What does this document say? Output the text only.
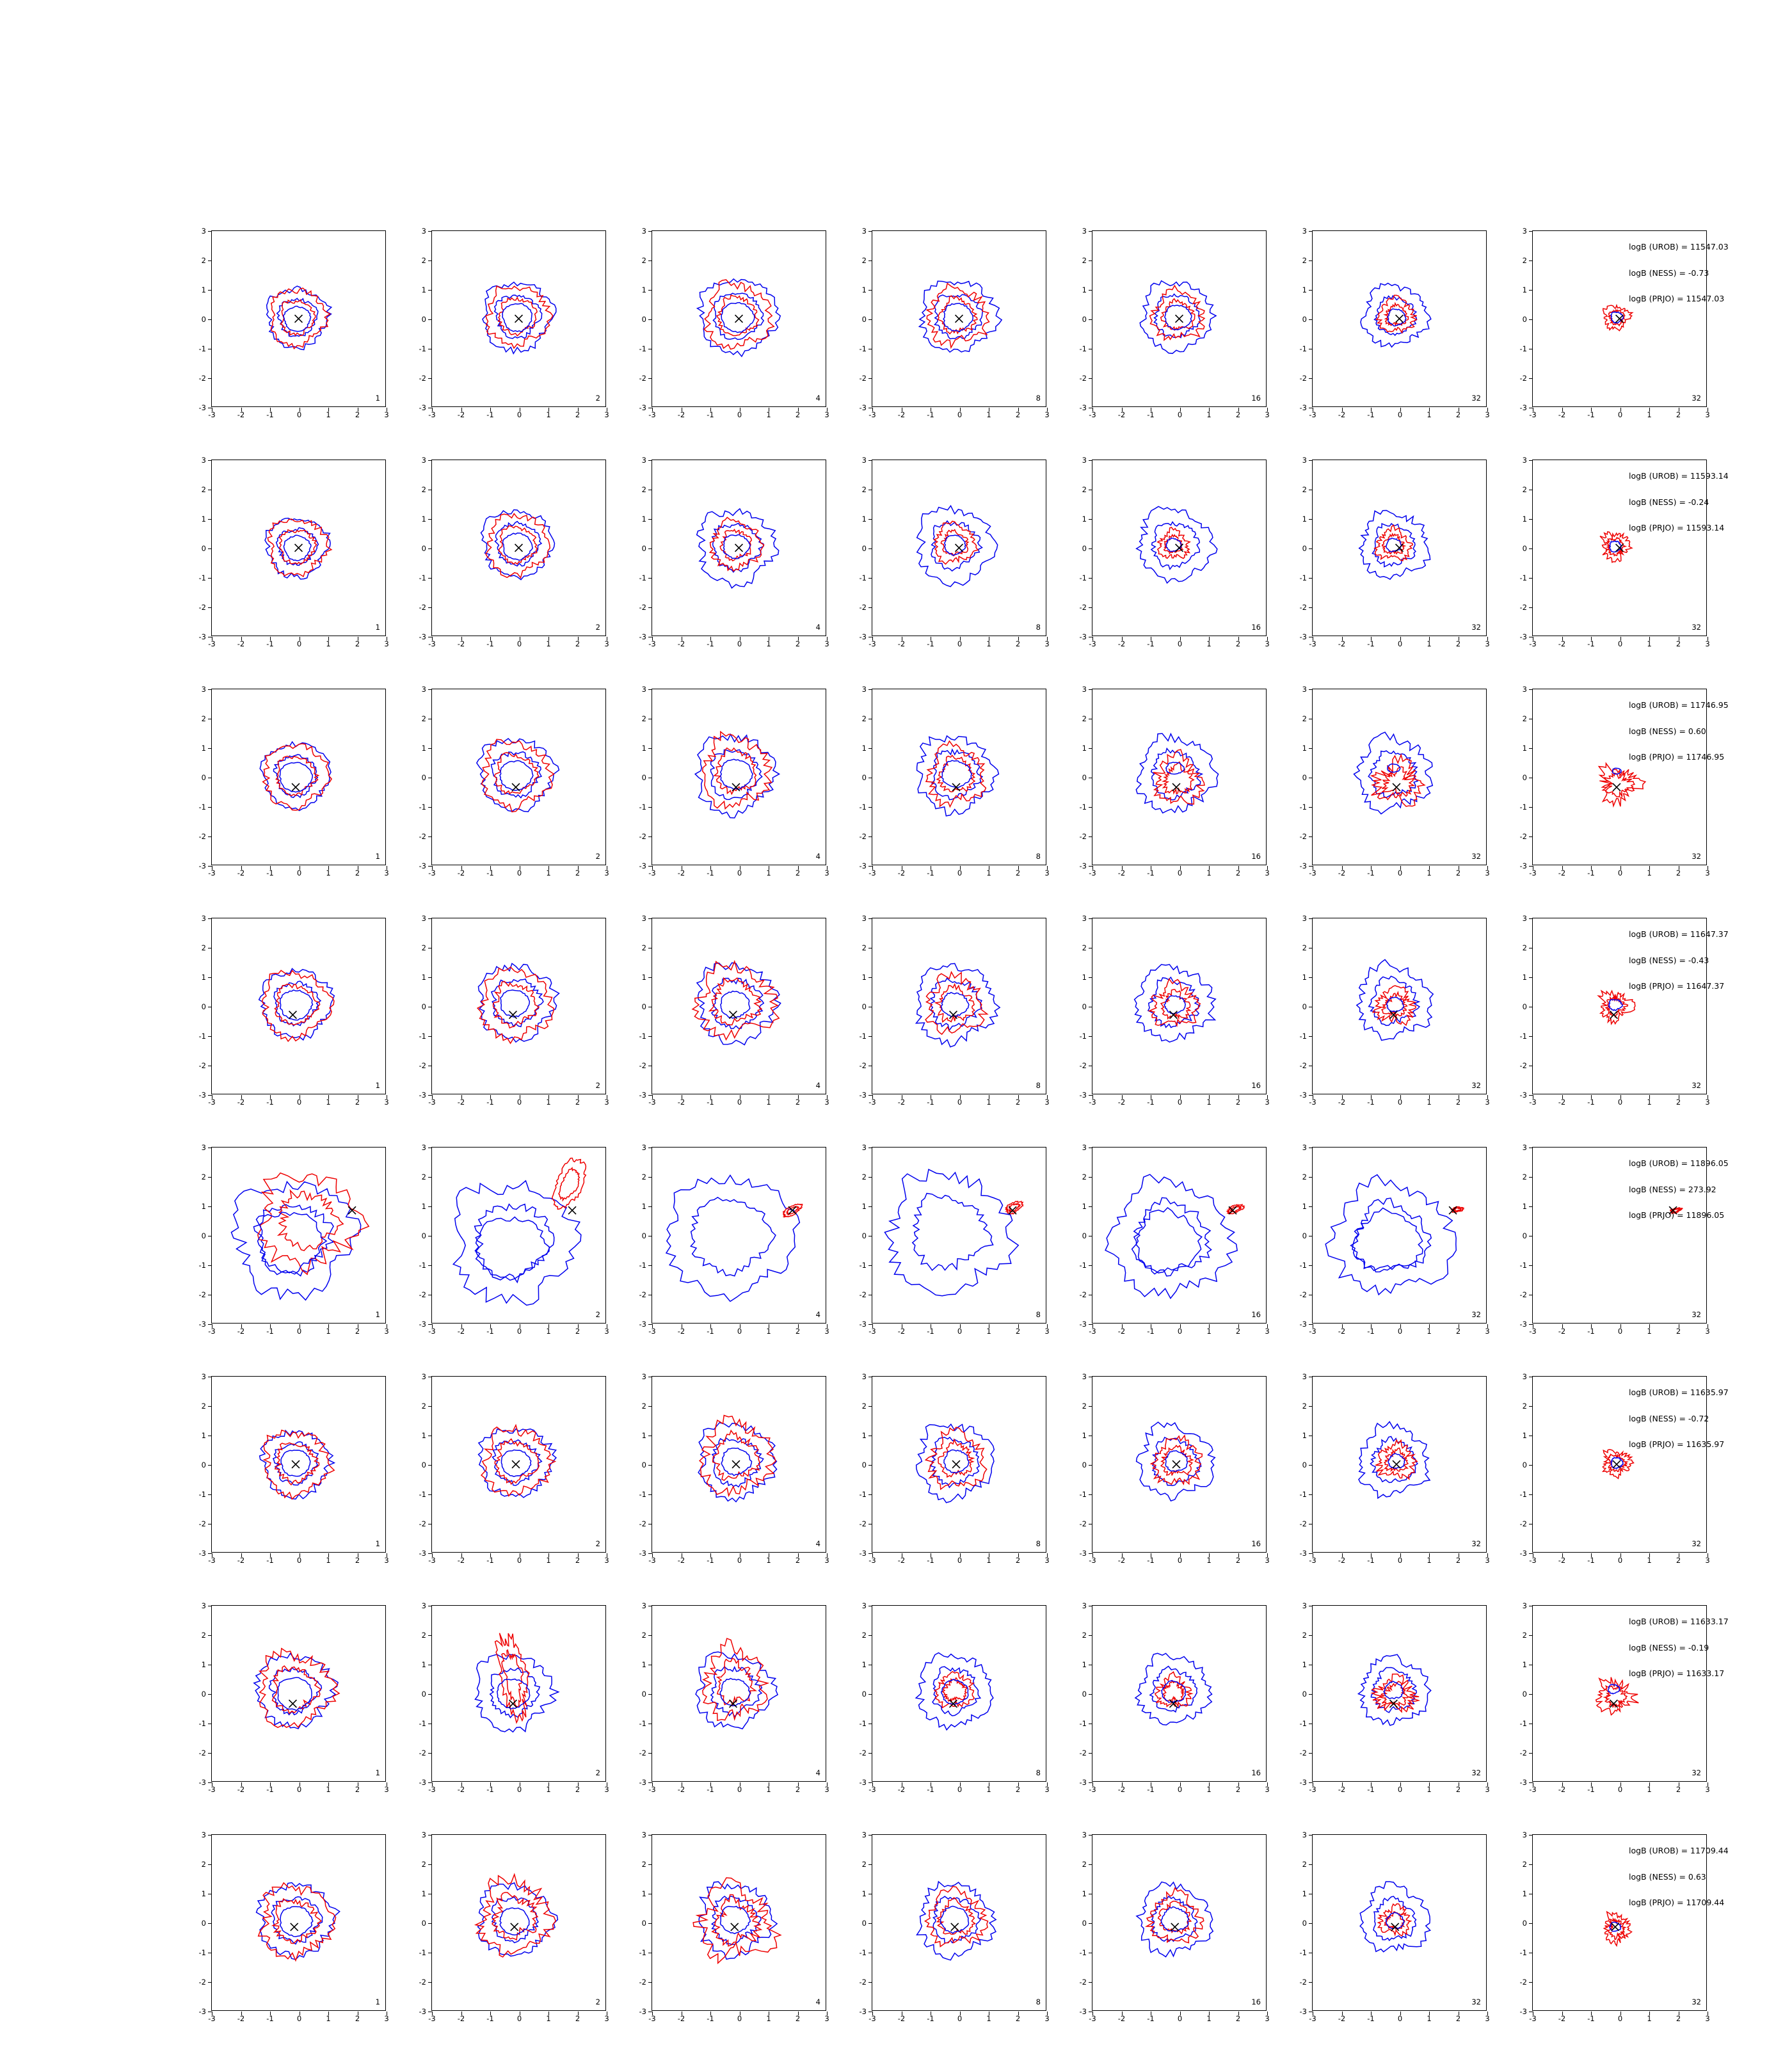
-3	-2	-1	0	1	2	3
-3
-2
-1
0
1
2
3
1
-3	-2	-1	0	1	2	3
-3
-2
-1
0
1
2
3
2
-3	-2	-1	0	1	2	3
-3
-2
-1
0
1
2
3
4
-3	-2	-1	0	1	2	3
-3
-2
-1
0
1
2
3
8
-3	-2	-1	0	1	2	3
-3
-2
-1
0
1
2
3
16
-3	-2	-1	0	1	2	3
-3
-2
-1
0
1
2
3
32
-3	-2	-1	0	1	2	3
-3
-2
-1
0
1
2
3
32
-3	-2	-1	0	1	2	3
-3
-2
-1
0
1
2
3
1
-3	-2	-1	0	1	2	3
-3
-2
-1
0
1
2
3
2
-3	-2	-1	0	1	2	3
-3
-2
-1
0
1
2
3
4
-3	-2	-1	0	1	2	3
-3
-2
-1
0
1
2
3
8
-3	-2	-1	0	1	2	3
-3
-2
-1
0
1
2
3
16
-3	-2	-1	0	1	2	3
-3
-2
-1
0
1
2
3
32
-3	-2	-1	0	1	2	3
-3
-2
-1
0
1
2
3
32
-3	-2	-1	0	1	2	3
-3
-2
-1
0
1
2
3
1
-3	-2	-1	0	1	2	3
-3
-2
-1
0
1
2
3
2
-3	-2	-1	0	1	2	3
-3
-2
-1
0
1
2
3
4
-3	-2	-1	0	1	2	3
-3
-2
-1
0
1
2
3
8
-3	-2	-1	0	1	2	3
-3
-2
-1
0
1
2
3
16
-3	-2	-1	0	1	2	3
-3
-2
-1
0
1
2
3
32
-3	-2	-1	0	1	2	3
-3
-2
-1
0
1
2
3
32
-3	-2	-1	0	1	2	3
-3
-2
-1
0
1
2
3
1
-3	-2	-1	0	1	2	3
-3
-2
-1
0
1
2
3
2
-3	-2	-1	0	1	2	3
-3
-2
-1
0
1
2
3
4
-3	-2	-1	0	1	2	3
-3
-2
-1
0
1
2
3
8
-3	-2	-1	0	1	2	3
-3
-2
-1
0
1
2
3
16
-3	-2	-1	0	1	2	3
-3
-2
-1
0
1
2
3
32
-3	-2	-1	0	1	2	3
-3
-2
-1
0
1
2
3
32
-3	-2	-1	0	1	2	3
-3
-2
-1
0
1
2
3
1
-3	-2	-1	0	1	2	3
-3
-2
-1
0
1
2
3
2
-3	-2	-1	0	1	2	3
-3
-2
-1
0
1
2
3
4
-3	-2	-1	0	1	2	3
-3
-2
-1
0
1
2
3
8
-3	-2	-1	0	1	2	3
-3
-2
-1
0
1
2
3
16
-3	-2	-1	0	1	2	3
-3
-2
-1
0
1
2
3
32
-3	-2	-1	0	1	2	3
-3
-2
-1
0
1
2
3
32
-3	-2	-1	0	1	2	3
-3
-2
-1
0
1
2
3
1
-3	-2	-1	0	1	2	3
-3
-2
-1
0
1
2
3
2
-3	-2	-1	0	1	2	3
-3
-2
-1
0
1
2
3
4
-3	-2	-1	0	1	2	3
-3
-2
-1
0
1
2
3
8
-3	-2	-1	0	1	2	3
-3
-2
-1
0
1
2
3
16
-3	-2	-1	0	1	2	3
-3
-2
-1
0
1
2
3
32
-3	-2	-1	0	1	2	3
-3
-2
-1
0
1
2
3
32
-3	-2	-1	0	1	2	3
-3
-2
-1
0
1
2
3
1
-3	-2	-1	0	1	2	3
-3
-2
-1
0
1
2
3
2
-3	-2	-1	0	1	2	3
-3
-2
-1
0
1
2
3
4
-3	-2	-1	0	1	2	3
-3
-2
-1
0
1
2
3
8
-3	-2	-1	0	1	2	3
-3
-2
-1
0
1
2
3
16
-3	-2	-1	0	1	2	3
-3
-2
-1
0
1
2
3
32
-3	-2	-1	0	1	2	3
-3
-2
-1
0
1
2
3
32
-3	-2	-1	0	1	2	3
-3
-2
-1
0
1
2
3
1
-3	-2	-1	0	1	2	3
-3
-2
-1
0
1
2
3
2
-3	-2	-1	0	1	2	3
-3
-2
-1
0
1
2
3
4
-3	-2	-1	0	1	2	3
-3
-2
-1
0
1
2
3
8
-3	-2	-1	0	1	2	3
-3
-2
-1
0
1
2
3
16
-3	-2	-1	0	1	2	3
-3
-2
-1
0
1
2
3
32
-3	-2	-1	0	1	2	3
-3
-2
-1
0
1
2
3
32
logB (UROB) = 11547.03
logB (NESS) = -0.73
logB (PRJO) = 11547.03
logB (UROB) = 11593.14
logB (NESS) = -0.24
logB (PRJO) = 11593.14
logB (UROB) = 11746.95
logB (NESS) = 0.60
logB (PRJO) = 11746.95
logB (UROB) = 11647.37
logB (NESS) = -0.43
logB (PRJO) = 11647.37
logB (UROB) = 11896.05
logB (NESS) = 273.92
logB (PRJO) = 11896.05
logB (UROB) = 11635.97
logB (NESS) = -0.72
logB (PRJO) = 11635.97
logB (UROB) = 11633.17
logB (NESS) = -0.19
logB (PRJO) = 11633.17
logB (UROB) = 11709.44
logB (NESS) = 0.63
logB (PRJO) = 11709.44
